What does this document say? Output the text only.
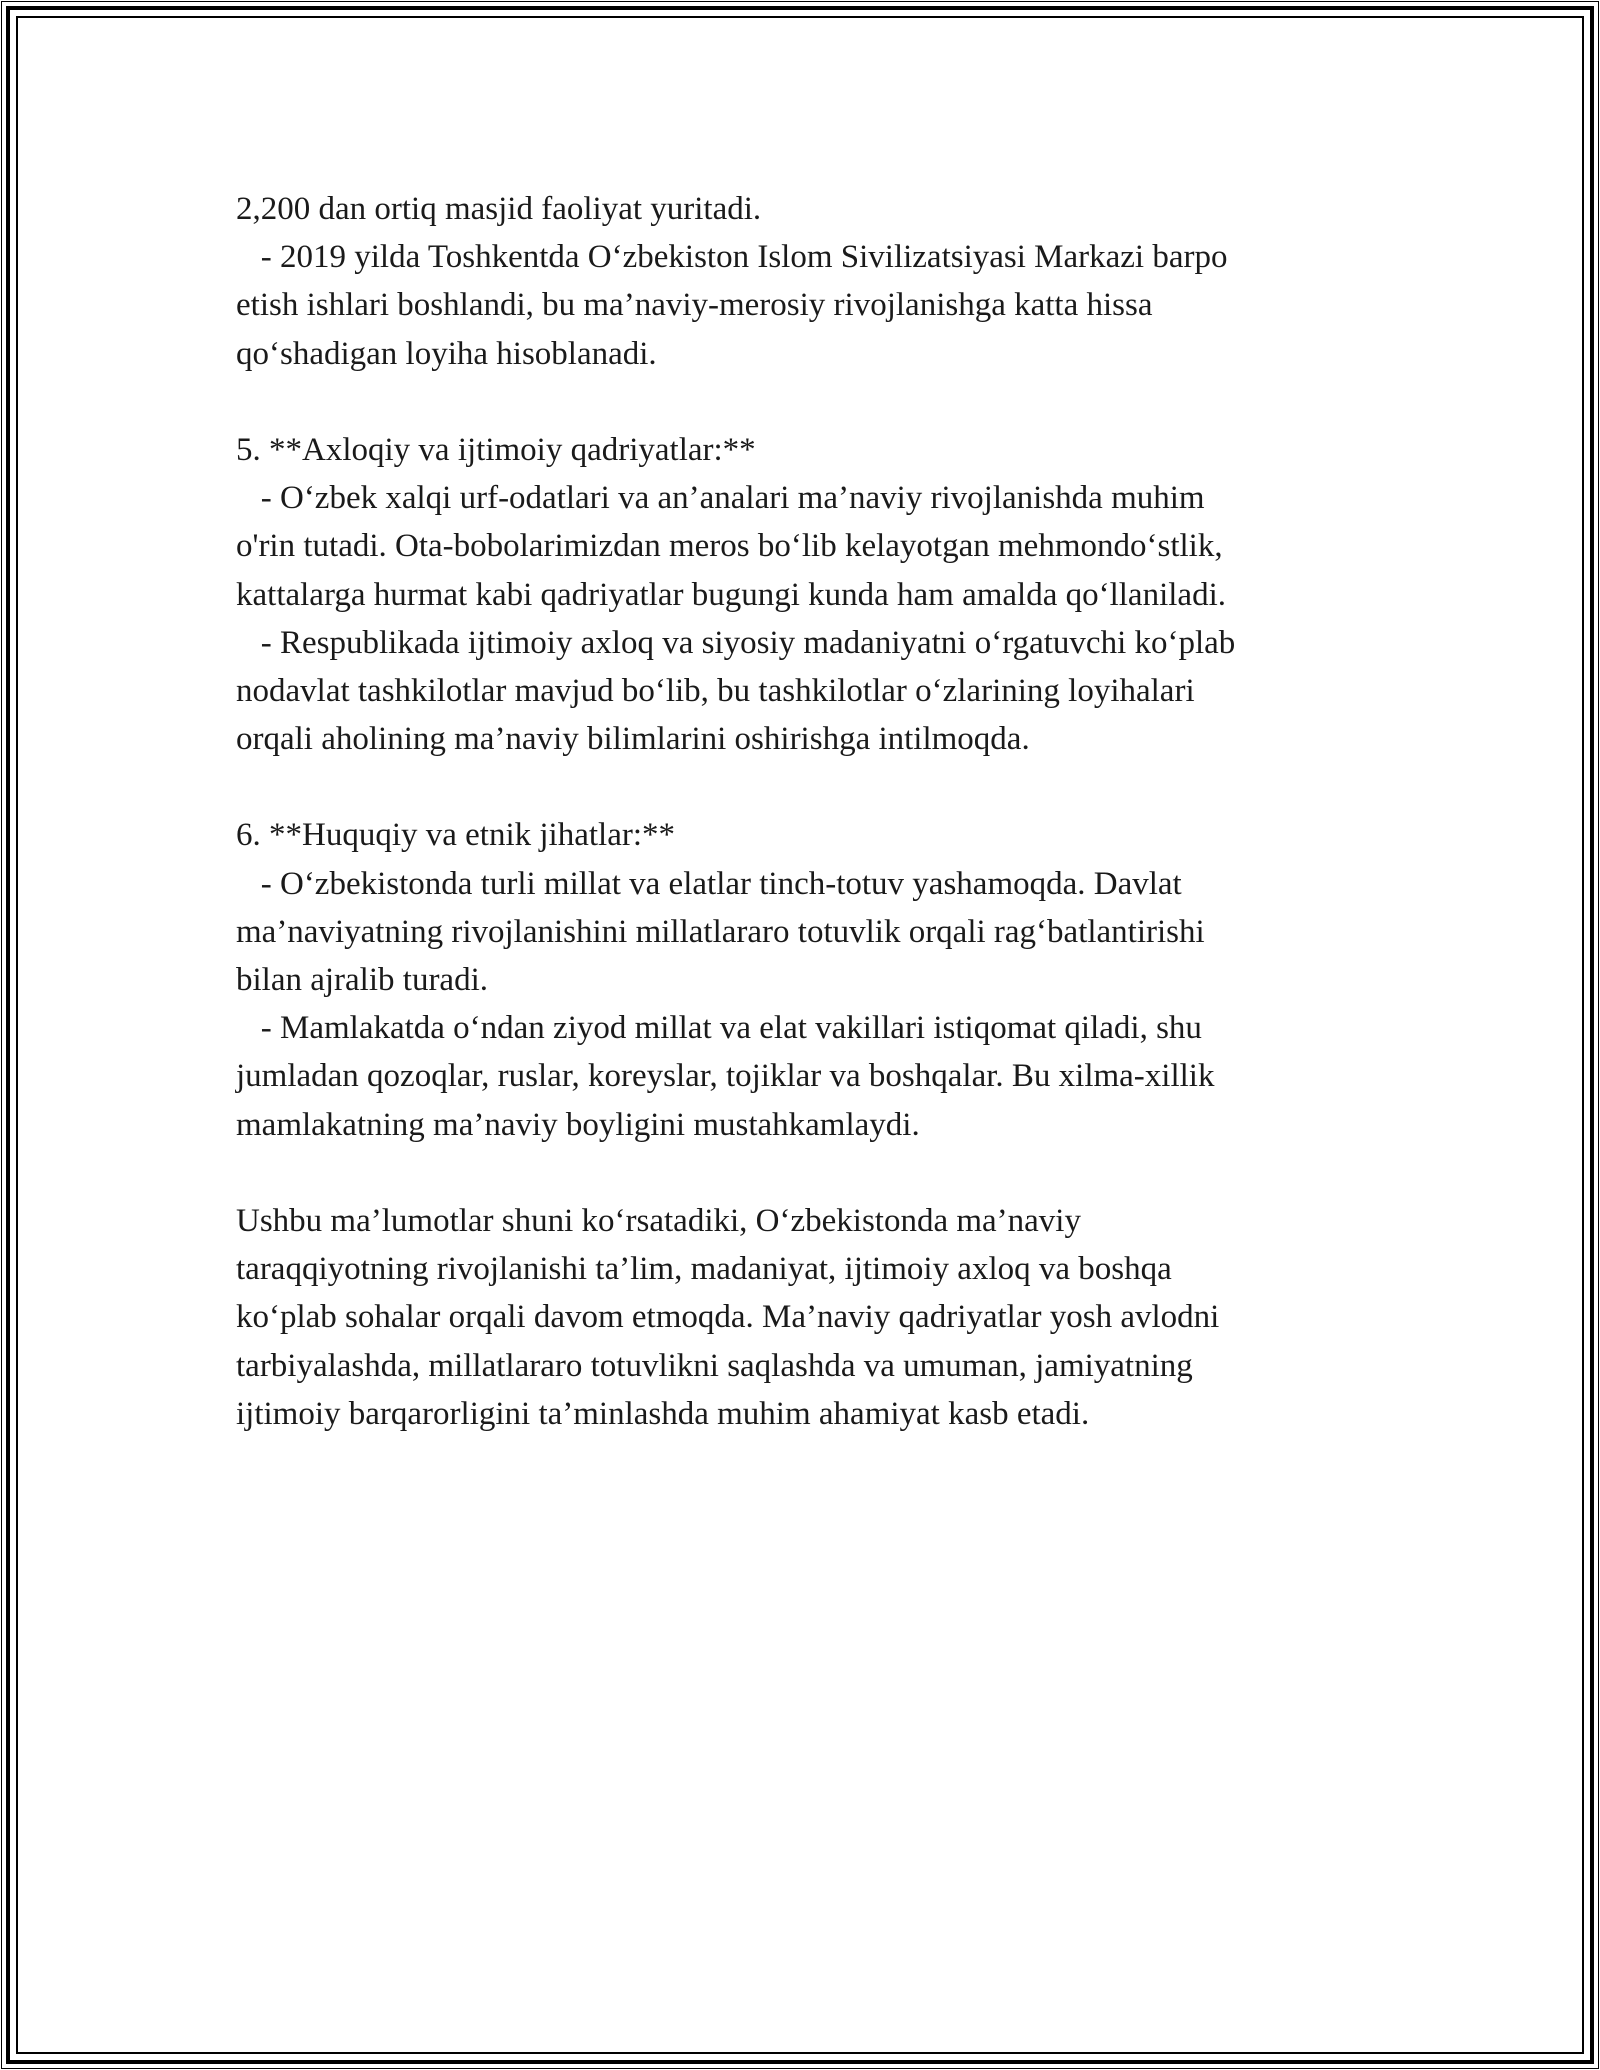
2,200 dan ortiq masjid faoliyat yuritadi.
- 2019 yilda Toshkentda O‘zbekiston Islom Sivilizatsiyasi Markazi barpo
etish ishlari boshlandi, bu ma’naviy-merosiy rivojlanishga katta hissa
qo‘shadigan loyiha hisoblanadi.
5. **Axloqiy va ijtimoiy qadriyatlar:**
- O‘zbek xalqi urf-odatlari va an’analari ma’naviy rivojlanishda muhim
o'rin tutadi. Ota-bobolarimizdan meros bo‘lib kelayotgan mehmondo‘stlik,
kattalarga hurmat kabi qadriyatlar bugungi kunda ham amalda qo‘llaniladi.
- Respublikada ijtimoiy axloq va siyosiy madaniyatni o‘rgatuvchi ko‘plab
nodavlat tashkilotlar mavjud bo‘lib, bu tashkilotlar o‘zlarining loyihalari
orqali aholining ma’naviy bilimlarini oshirishga intilmoqda.
6. **Huquqiy va etnik jihatlar:**
- O‘zbekistonda turli millat va elatlar tinch-totuv yashamoqda. Davlat
ma’naviyatning rivojlanishini millatlararo totuvlik orqali rag‘batlantirishi
bilan ajralib turadi.
- Mamlakatda o‘ndan ziyod millat va elat vakillari istiqomat qiladi, shu
jumladan qozoqlar, ruslar, koreyslar, tojiklar va boshqalar. Bu xilma-xillik
mamlakatning ma’naviy boyligini mustahkamlaydi.
Ushbu ma’lumotlar shuni ko‘rsatadiki, O‘zbekistonda ma’naviy
taraqqiyotning rivojlanishi ta’lim, madaniyat, ijtimoiy axloq va boshqa
ko‘plab sohalar orqali davom etmoqda. Ma’naviy qadriyatlar yosh avlodni
tarbiyalashda, millatlararo totuvlikni saqlashda va umuman, jamiyatning
ijtimoiy barqarorligini ta’minlashda muhim ahamiyat kasb etadi.
